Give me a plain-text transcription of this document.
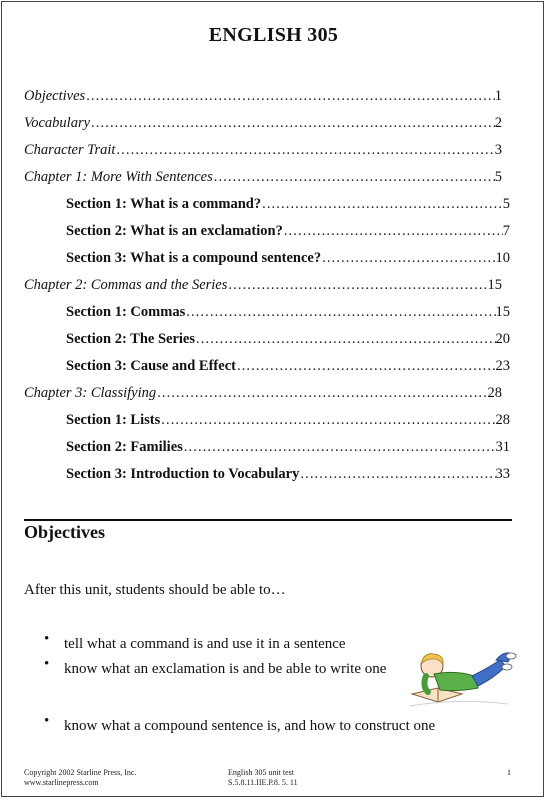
ENGLISH 305
Objectives .....	1
Vocabulary .....	2
Character Trait .....	3
Chapter 1: More With Sentences .....	5
Section 1: What is a command? .....	5
Section 2: What is an exclamation? .....	7
Section 3: What is a compound sentence? .....	10
Chapter 2: Commas and the Series .....	15
Section 1: Commas .....	15
Section 2: The Series .....	20
Section 3: Cause and Effect .....	23
Chapter 3: Classifying .....	28
Section 1: Lists .....	28
Section 2: Families .....	31
Section 3: Introduction to Vocabulary .....	33
Objectives
After this unit, students should be able to…
• tell what a command is and use it in a sentence
• know what an exclamation is and be able to write one
• know what a compound sentence is, and how to construct one
Copyright 2002 Starline Press, Inc.
www.starlinepress.com
English 305 unit test
S.5.8.11.IIE.P.8. 5. 11
1
